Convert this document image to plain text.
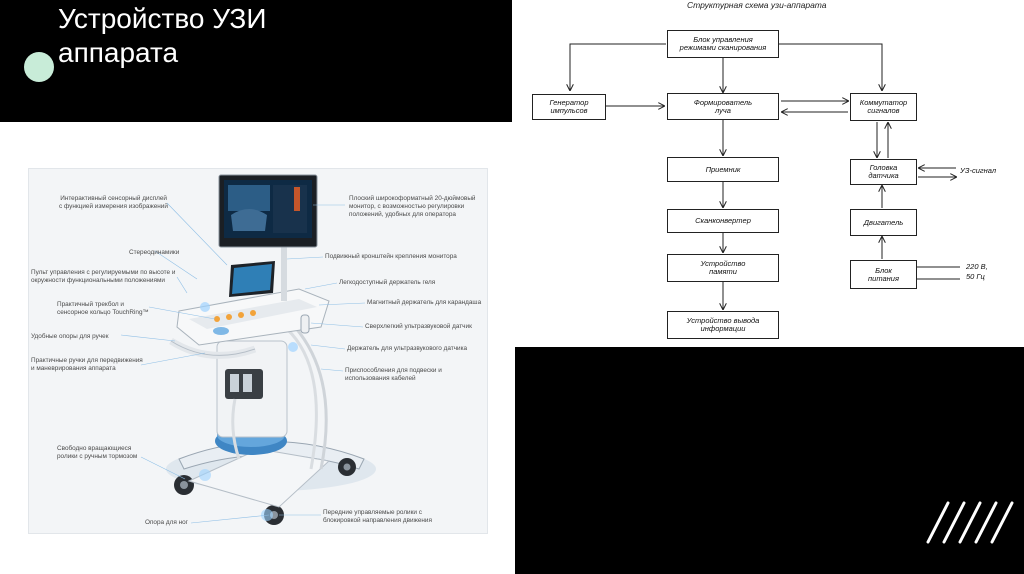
Устройство УЗИ
аппарата
Интерактивный сенсорный дисплей
с функцией измерения изображений
Стереодинамики
Пульт управления с регулируемыми по высоте и
окружности функциональными положениями
Практичный трекбол и
сенсорное кольцо TouchRing™
Удобные опоры для ручек
Практичные ручки для передвижения
и маневрирования аппарата
Свободно вращающиеся
ролики с ручным тормозом
Опора для ног
Плоский широкоформатный 20-дюймовый
монитор, с возможностью регулировки
положений, удобных для оператора
Подвижный кронштейн крепления монитора
Легкодоступный держатель геля
Магнитный держатель для карандаша
Сверхлегкий ультразвуковой датчик
Держатель для ультразвукового датчика
Приспособления для подвески и
использования кабелей
Передние управляемые ролики с
блокировкой направления движения
Структурная схема узи-аппарата
Блок управления
режимами сканирования
Генератор
импульсов
Формирователь
луча
Коммутатор
сигналов
Приемник	Головка
датчика
Сканконвертер	Двигатель
Устройство
памяти	Блок
питания
Устройство вывода
информации
УЗ-сигнал
220 В,
50 Гц
